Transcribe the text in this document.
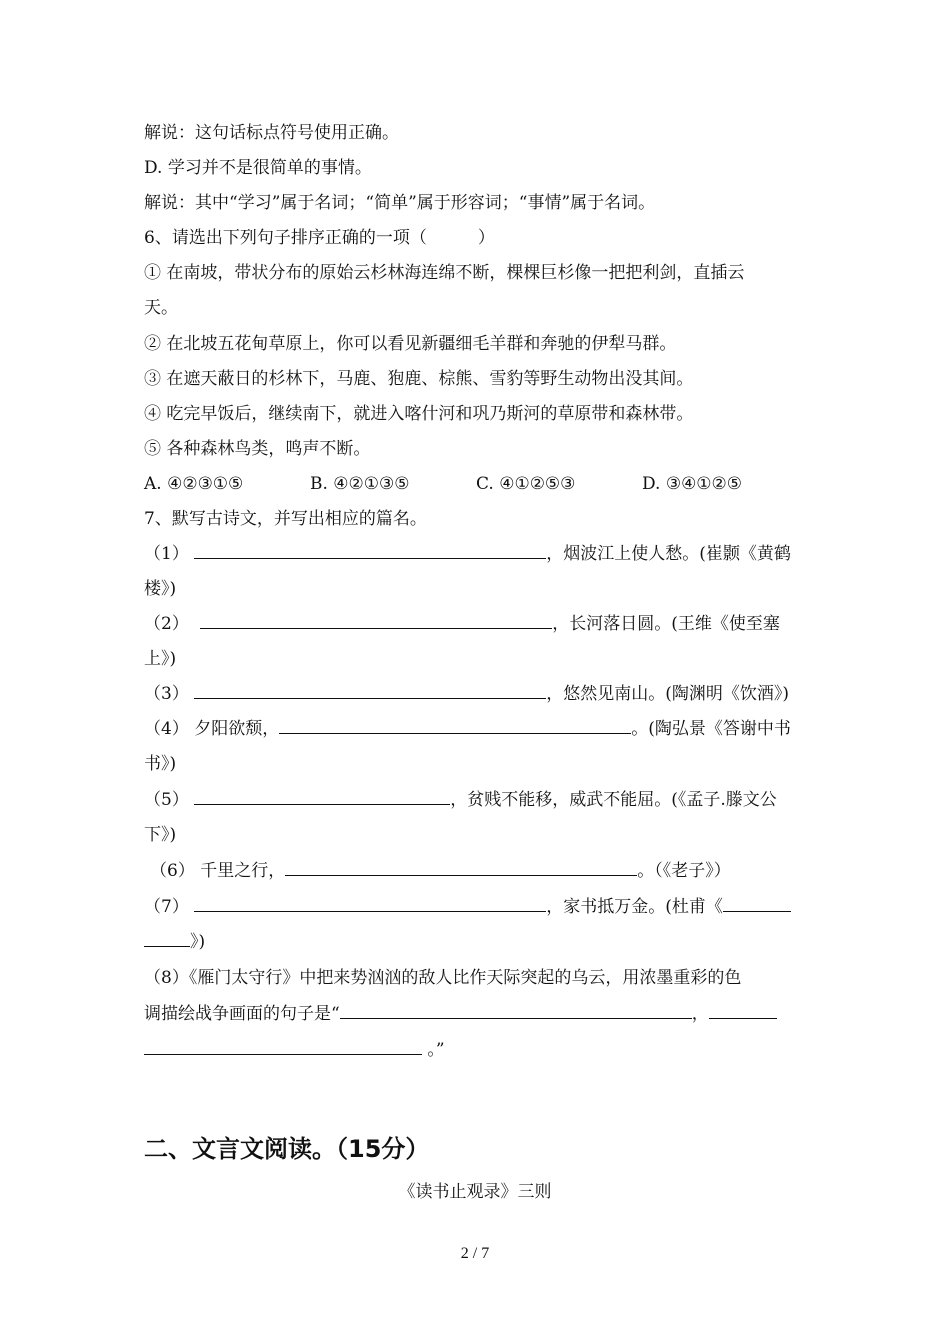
解说：这句话标点符号使用正确。
D. 学习并不是很简单的事情。
解说：其中“学习”属于名词；“简单”属于形容词；“事情”属于名词。
6、请选出下列句子排序正确的一项（　　　）
① 在南坡，带状分布的原始云杉林海连绵不断，棵棵巨杉像一把把利剑，直插云
天。
② 在北坡五花甸草原上，你可以看见新疆细毛羊群和奔驰的伊犁马群。
③ 在遮天蔽日的杉林下，马鹿、狍鹿、棕熊、雪豹等野生动物出没其间。
④ 吃完早饭后，继续南下，就进入喀什河和巩乃斯河的草原带和森林带。
⑤ 各种森林鸟类，鸣声不断。
A. ④②③①⑤	B. ④②①③⑤	C. ④①②⑤③	D. ③④①②⑤
7、默写古诗文，并写出相应的篇名。
（1）	，烟波江上使人愁。(崔颢《黄鹤
楼》)
（2）	，长河落日圆。(王维《使至塞
上》)
（3）	，悠然见南山。(陶渊明《饮酒》)
（4） 夕阳欲颓，	。(陶弘景《答谢中书
书》)
（5）	，贫贱不能移，威武不能屈。(《孟子.滕文公
下》)
（6） 千里之行，	。（《老子》）
（7）	，家书抵万金。(杜甫《
》)
（8）《雁门太守行》中把来势汹汹的敌人比作天际突起的乌云，用浓墨重彩的色
调描绘战争画面的句子是“	，
。”
二、文言文阅读。（15分）
《读书止观录》三则
2 / 7
